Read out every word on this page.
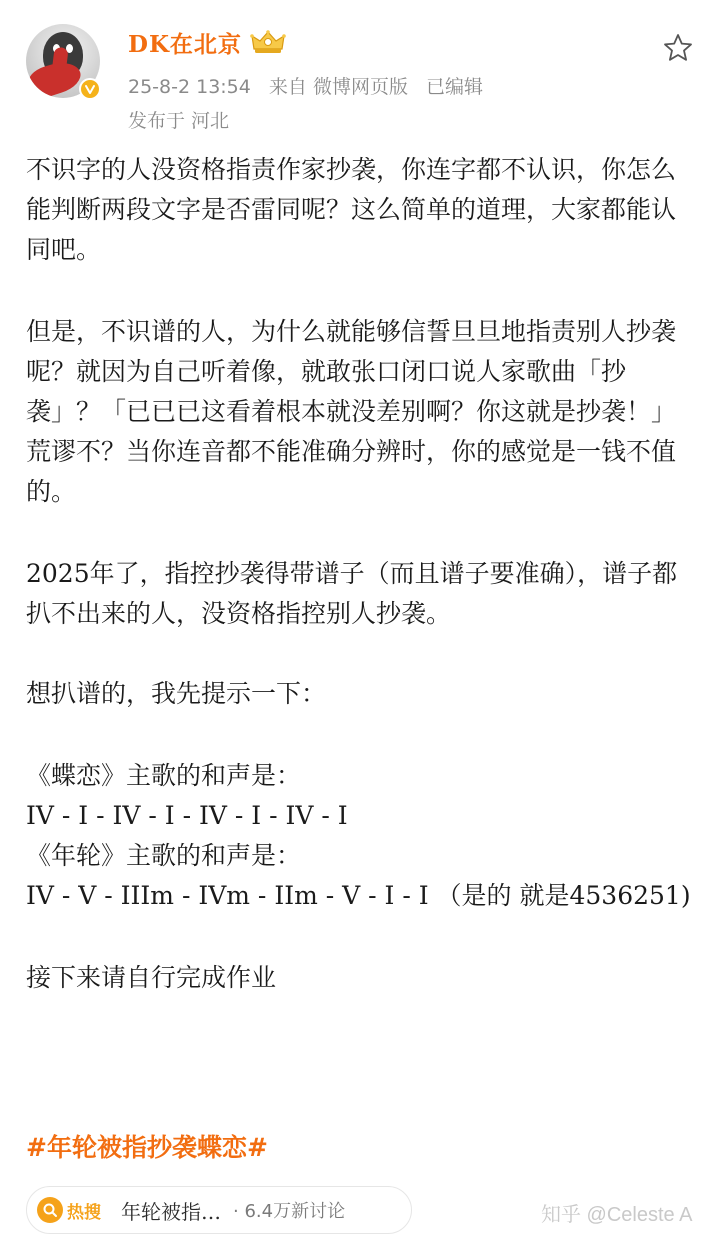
DK在北京
25-8-2 13:54 来自 微博网页版 已编辑
发布于 河北

不识字的人没资格指责作家抄袭，你连字都不认识，你怎么能判断两段文字是否雷同呢？这么简单的道理，大家都能认同吧。

但是，不识谱的人，为什么就能够信誓旦旦地指责别人抄袭呢？就因为自己听着像，就敢张口闭口说人家歌曲「抄袭」？「已已已这看着根本就没差别啊？你这就是抄袭！」荒谬不？当你连音都不能准确分辨时，你的感觉是一钱不值的。

2025年了，指控抄袭得带谱子（而且谱子要准确），谱子都扒不出来的人，没资格指控别人抄袭。

想扒谱的，我先提示一下：

《蝶恋》主歌的和声是：

IV - I - IV - I - IV - I - IV - I

《年轮》主歌的和声是：

IV - V - IIIm - IVm - IIm - V - I - I （是的 就是4536251)

接下来请自行完成作业

#年轮被指抄袭蝶恋#
热搜 年轮被指… · 6.4万新讨论	知乎 @Celeste A
